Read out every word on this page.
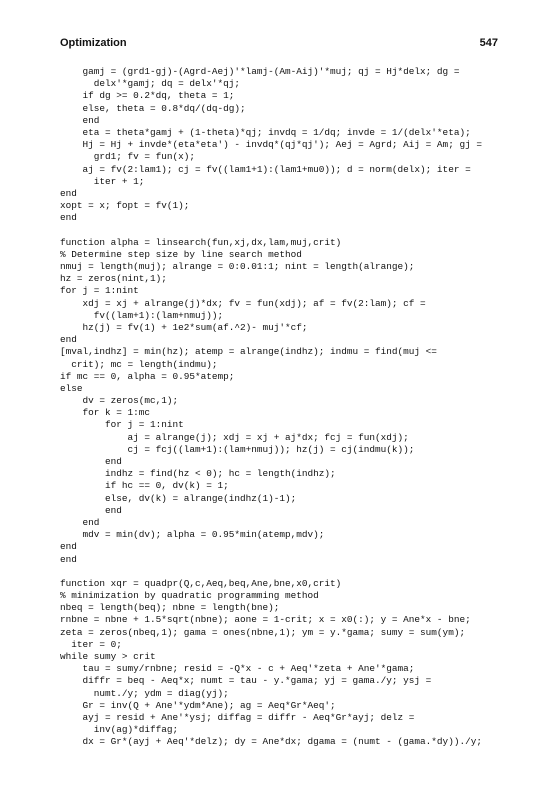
Optimization	547
gamj = (grd1-gj)-(Agrd-Aej)'*lamj-(Am-Aij)'*muj; qj = Hj*delx; dg =
delx'*gamj; dq = delx'*qj;
if dg >= 0.2*dq, theta = 1;
else, theta = 0.8*dq/(dq-dg);
end
eta = theta*gamj + (1-theta)*qj; invdq = 1/dq; invde = 1/(delx'*eta);
Hj = Hj + invde*(eta*eta') - invdq*(qj*qj'); Aej = Agrd; Aij = Am; gj =
grd1; fv = fun(x);
aj = fv(2:lam1); cj = fv((lam1+1):(lam1+mu0)); d = norm(delx); iter =
iter + 1;
end
xopt = x; fopt = fv(1);
end
function alpha = linsearch(fun,xj,dx,lam,muj,crit)
% Determine step size by line search method
nmuj = length(muj); alrange = 0:0.01:1; nint = length(alrange);
hz = zeros(nint,1);
for j = 1:nint
xdj = xj + alrange(j)*dx; fv = fun(xdj); af = fv(2:lam); cf =
fv((lam+1):(lam+nmuj));
hz(j) = fv(1) + 1e2*sum(af.^2)- muj'*cf;
end
[mval,indhz] = min(hz); atemp = alrange(indhz); indmu = find(muj <=
crit); mc = length(indmu);
if mc == 0, alpha = 0.95*atemp;
else
dv = zeros(mc,1);
for k = 1:mc
for j = 1:nint
aj = alrange(j); xdj = xj + aj*dx; fcj = fun(xdj);
cj = fcj((lam+1):(lam+nmuj)); hz(j) = cj(indmu(k));
end
indhz = find(hz < 0); hc = length(indhz);
if hc == 0, dv(k) = 1;
else, dv(k) = alrange(indhz(1)-1);
end
end
mdv = min(dv); alpha = 0.95*min(atemp,mdv);
end
end
function xqr = quadpr(Q,c,Aeq,beq,Ane,bne,x0,crit)
% minimization by quadratic programming method
nbeq = length(beq); nbne = length(bne);
rnbne = nbne + 1.5*sqrt(nbne); aone = 1-crit; x = x0(:); y = Ane*x - bne;
zeta = zeros(nbeq,1); gama = ones(nbne,1); ym = y.*gama; sumy = sum(ym);
iter = 0;
while sumy > crit
tau = sumy/rnbne; resid = -Q*x - c + Aeq'*zeta + Ane'*gama;
diffr = beq - Aeq*x; numt = tau - y.*gama; yj = gama./y; ysj =
numt./y; ydm = diag(yj);
Gr = inv(Q + Ane'*ydm*Ane); ag = Aeq*Gr*Aeq';
ayj = resid + Ane'*ysj; diffag = diffr - Aeq*Gr*ayj; delz =
inv(ag)*diffag;
dx = Gr*(ayj + Aeq'*delz); dy = Ane*dx; dgama = (numt - (gama.*dy))./y;
